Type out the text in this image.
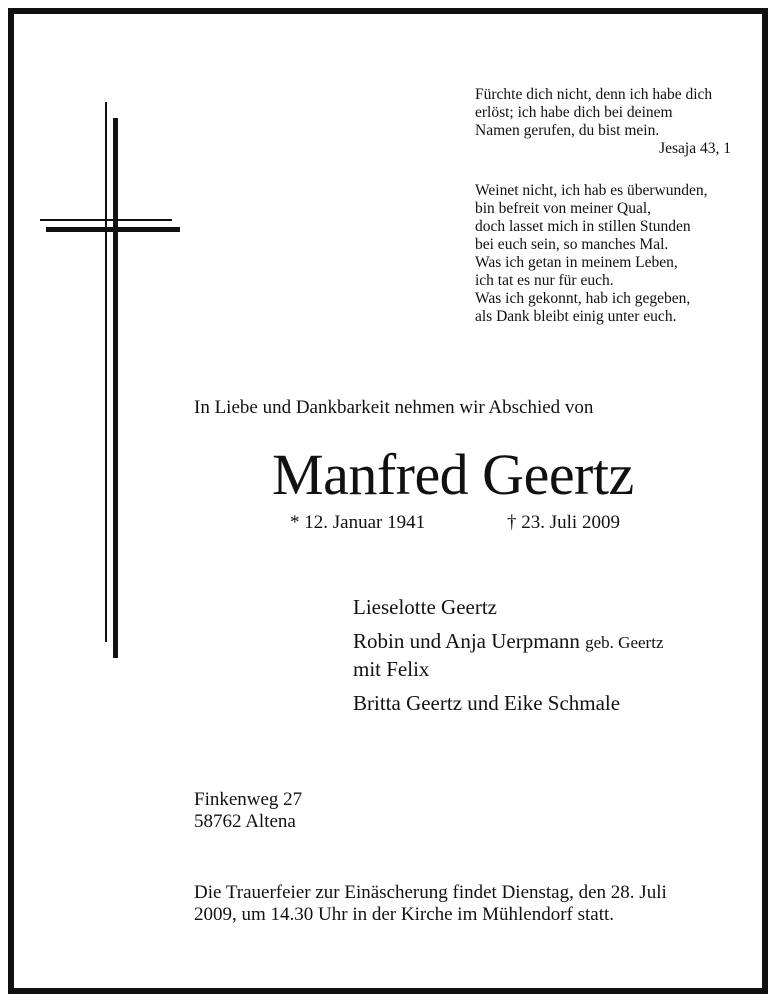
Fürchte dich nicht, denn ich habe dich
erlöst; ich habe dich bei deinem
Namen gerufen, du bist mein.
Jesaja 43, 1
Weinet nicht, ich hab es überwunden,
bin befreit von meiner Qual,
doch lasset mich in stillen Stunden
bei euch sein, so manches Mal.
Was ich getan in meinem Leben,
ich tat es nur für euch.
Was ich gekonnt, hab ich gegeben,
als Dank bleibt einig unter euch.
In Liebe und Dankbarkeit nehmen wir Abschied von
Manfred Geertz
* 12. Januar 1941	† 23. Juli 2009
Lieselotte Geertz
Robin und Anja Uerpmann geb. Geertz
mit Felix
Britta Geertz und Eike Schmale
Finkenweg 27
58762 Altena
Die Trauerfeier zur Einäscherung findet Dienstag, den 28. Juli
2009, um 14.30 Uhr in der Kirche im Mühlendorf statt.
